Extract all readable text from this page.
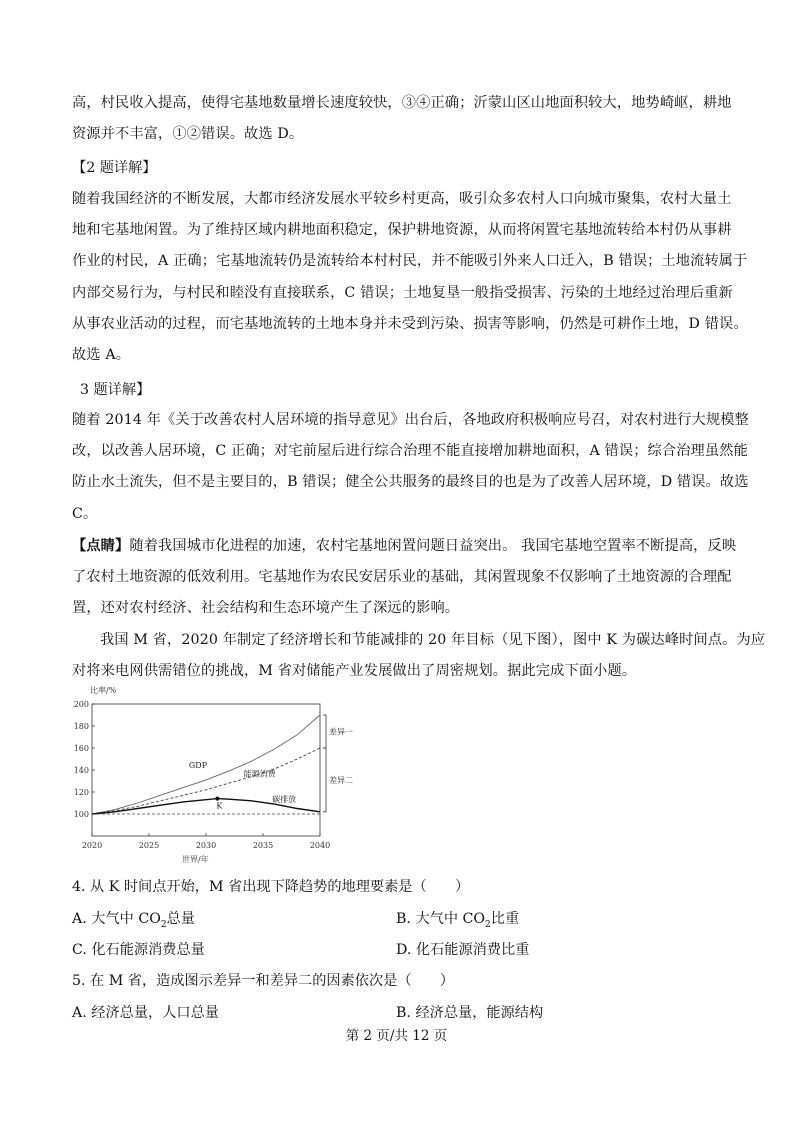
高，村民收入提高，使得宅基地数量增长速度较快，③④正确；沂蒙山区山地面积较大，地势崎岖，耕地
资源并不丰富，①②错误。故选 D。
【2 题详解】
随着我国经济的不断发展，大都市经济发展水平较乡村更高，吸引众多农村人口向城市聚集，农村大量土
地和宅基地闲置。为了维持区域内耕地面积稳定，保护耕地资源，从而将闲置宅基地流转给本村仍从事耕
作业的村民，A 正确；宅基地流转仍是流转给本村村民，并不能吸引外来人口迁入，B 错误；土地流转属于
内部交易行为，与村民和睦没有直接联系，C 错误；土地复垦一般指受损害、污染的土地经过治理后重新
从事农业活动的过程，而宅基地流转的土地本身并未受到污染、损害等影响，仍然是可耕作土地，D 错误。
故选 A。
3 题详解】
随着 2014 年《关于改善农村人居环境的指导意见》出台后，各地政府积极响应号召，对农村进行大规模整
改，以改善人居环境，C 正确；对宅前屋后进行综合治理不能直接增加耕地面积，A 错误；综合治理虽然能
防止水土流失，但不是主要目的，B 错误；健全公共服务的最终目的也是为了改善人居环境，D 错误。故选
C。
【点睛】随着我国城市化进程的加速，农村宅基地闲置问题日益突出。 我国宅基地空置率不断提高，反映
了农村土地资源的低效利用。宅基地作为农民安居乐业的基础，其闲置现象不仅影响了土地资源的合理配
置，还对农村经济、社会结构和生态环境产生了深远的影响。
我国 M 省，2020 年制定了经济增长和节能减排的 20 年目标（见下图），图中 K 为碳达峰时间点。为应
对将来电网供需错位的挑战，M 省对储能产业发展做出了周密规划。据此完成下面小题。
比率/%
100
120
140
160
180
200
2020	2025	2030	2035	2040
GDP
能源消费
碳排放
K
差异一
差异二
世界/年
4. 从 K 时间点开始，M 省出现下降趋势的地理要素是（　　）
A. 大气中 $CO_2$总量	B. 大气中 $CO_2$比重
C. 化石能源消费总量	D. 化石能源消费比重
5. 在 M 省，造成图示差异一和差异二的因素依次是（　　）
A. 经济总量，人口总量	B. 经济总量，能源结构
第 2 页/共 12 页
